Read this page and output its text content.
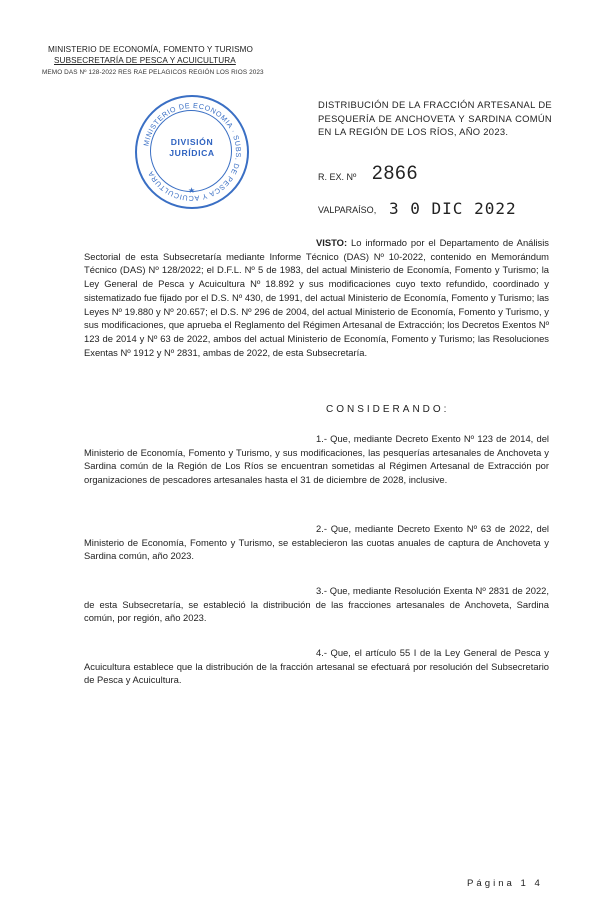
MINISTERIO DE ECONOMÍA, FOMENTO Y TURISMO
SUBSECRETARÍA DE PESCA Y ACUICULTURA
MEMO DAS Nº 128-2022 RES RAE PELAGICOS REGIÓN LOS RIOS 2023
MINISTERIO DE ECONOMIA · SUBS. DE PESCA Y ACUICULTURA
★
DIVISIÓN
JURÍDICA
DISTRIBUCIÓN DE LA FRACCIÓN ARTESANAL DE PESQUERÍA DE ANCHOVETA Y SARDINA COMÚN EN LA REGIÓN DE LOS RÍOS, AÑO 2023.
R. EX. Nº 2866
VALPARAÍSO, 3 0 DIC 2022
VISTO: Lo informado por el Departamento de Análisis Sectorial de esta Subsecretaría mediante Informe Técnico (DAS) Nº 10-2022, contenido en Memorándum Técnico (DAS) Nº 128/2022; el D.F.L. Nº 5 de 1983, del actual Ministerio de Economía, Fomento y Turismo; la Ley General de Pesca y Acuicultura Nº 18.892 y sus modificaciones cuyo texto refundido, coordinado y sistematizado fue fijado por el D.S. Nº 430, de 1991, del actual Ministerio de Economía, Fomento y Turismo; las Leyes Nº 19.880 y Nº 20.657; el D.S. Nº 296 de 2004, del actual Ministerio de Economía, Fomento y Turismo, y sus modificaciones, que aprueba el Reglamento del Régimen Artesanal de Extracción; los Decretos Exentos Nº 123 de 2014 y Nº 63 de 2022, ambos del actual Ministerio de Economía, Fomento y Turismo; las Resoluciones Exentas Nº 1912 y Nº 2831, ambas de 2022, de esta Subsecretaría.
CONSIDERANDO:
1.- Que, mediante Decreto Exento Nº 123 de 2014, del Ministerio de Economía, Fomento y Turismo, y sus modificaciones, las pesquerías artesanales de Anchoveta y Sardina común de la Región de Los Ríos se encuentran sometidas al Régimen Artesanal de Extracción por organizaciones de pescadores artesanales hasta el 31 de diciembre de 2028, inclusive.
2.- Que, mediante Decreto Exento Nº 63 de 2022, del Ministerio de Economía, Fomento y Turismo, se establecieron las cuotas anuales de captura de Anchoveta y Sardina común, año 2023.
3.- Que, mediante Resolución Exenta Nº 2831 de 2022, de esta Subsecretaría, se estableció la distribución de las fracciones artesanales de Anchoveta, Sardina común, por región, año 2023.
4.- Que, el artículo 55 I de la Ley General de Pesca y Acuicultura establece que la distribución de la fracción artesanal se efectuará por resolución del Subsecretario de Pesca y Acuicultura.
Página 1 4
